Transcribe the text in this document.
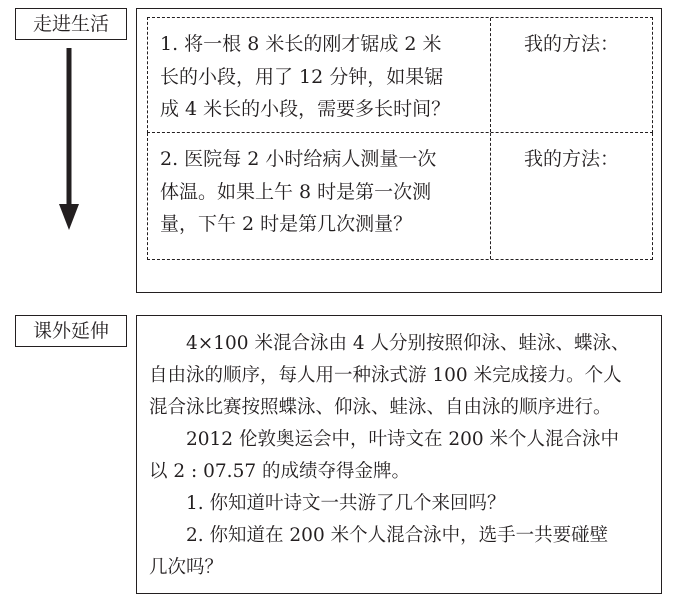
走进生活
1. 将一根 8 米长的刚才锯成 2 米
长的小段，用了 12 分钟，如果锯
成 4 米长的小段，需要多长时间？
我的方法：
2. 医院每 2 小时给病人测量一次
体温。如果上午 8 时是第一次测
量，下午 2 时是第几次测量？
我的方法：
课外延伸
　　4×100 米混合泳由 4 人分别按照仰泳、蛙泳、蝶泳、
自由泳的顺序，每人用一种泳式游 100 米完成接力。个人
混合泳比赛按照蝶泳、仰泳、蛙泳、自由泳的顺序进行。
　　2012 伦敦奥运会中，叶诗文在 200 米个人混合泳中
以 2 : 07.57 的成绩夺得金牌。
　　1. 你知道叶诗文一共游了几个来回吗？
　　2. 你知道在 200 米个人混合泳中，选手一共要碰壁
几次吗？
